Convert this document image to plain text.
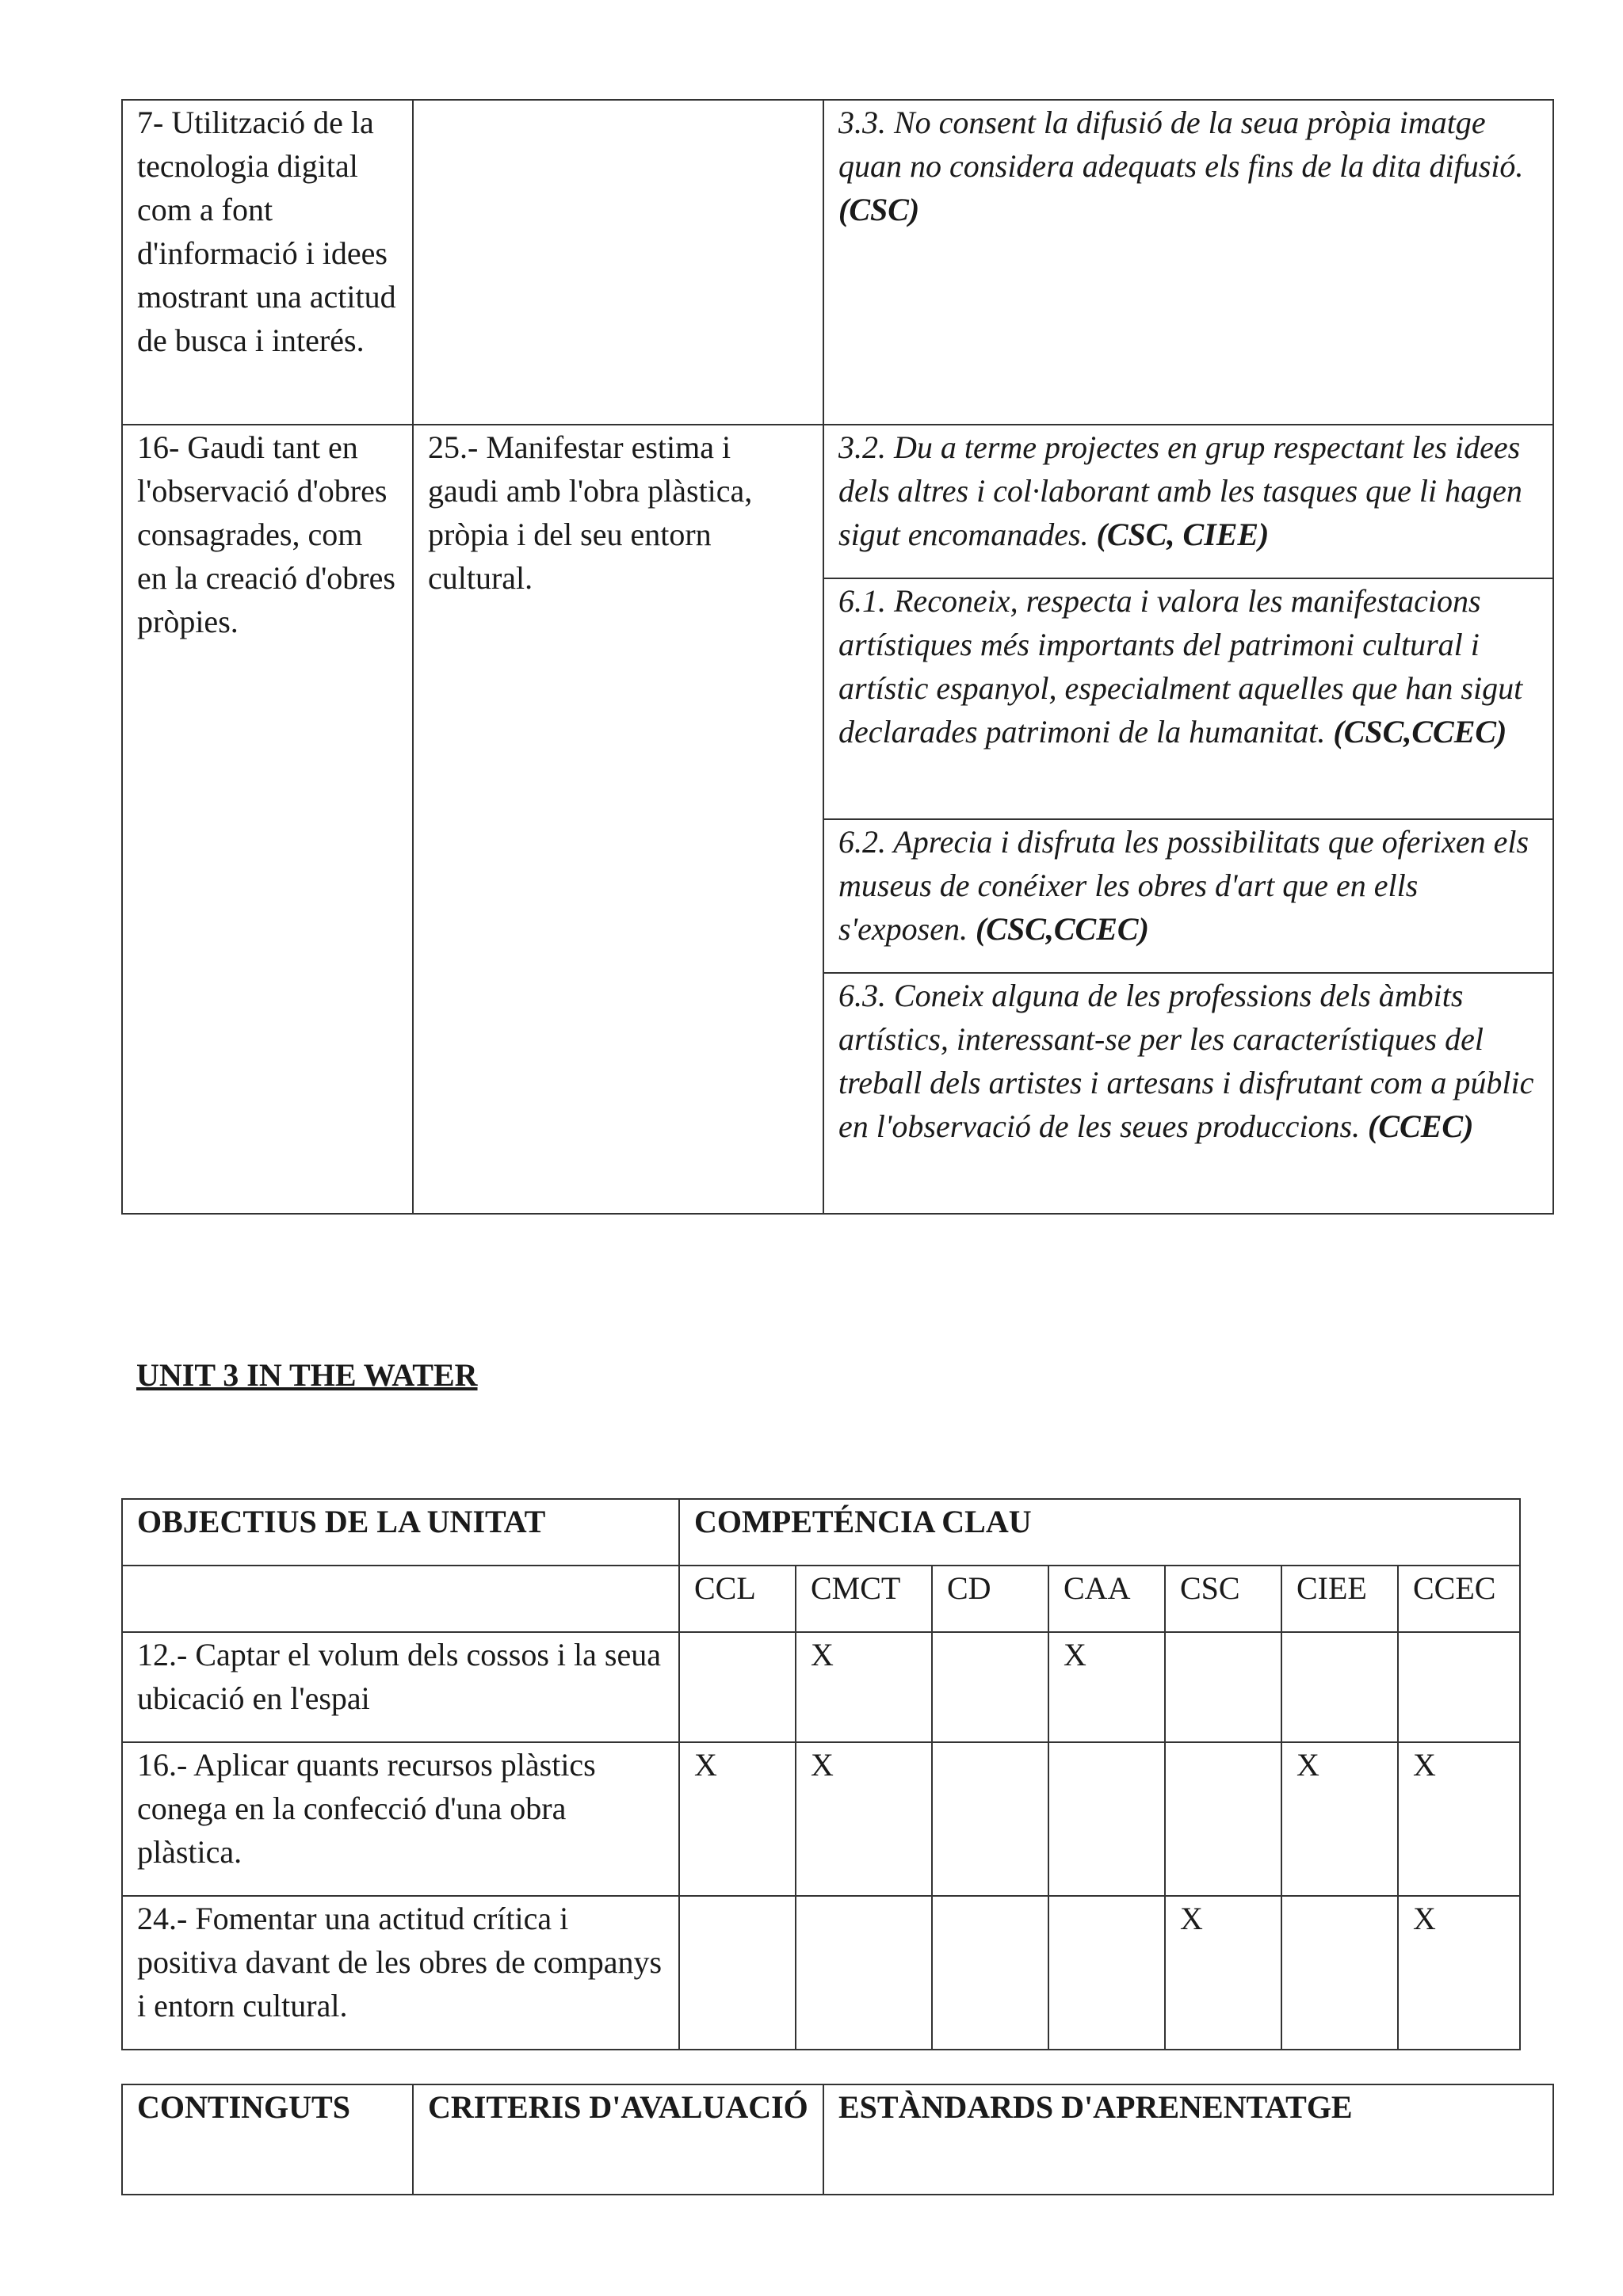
7- Utilització de la tecnologia digital com a font d'informació i idees mostrant una actitud de busca i interés.		3.3. No consent la difusió de la seua pròpia imatge quan no considera adequats els fins de la dita difusió. (CSC)
16- Gaudi tant en l'observació d'obres consagrades, com en la creació d'obres pròpies.	25.- Manifestar estima i gaudi amb l'obra plàstica, pròpia i del seu entorn cultural.	3.2. Du a terme projectes en grup respectant les idees dels altres i col·laborant amb les tasques que li hagen sigut encomanades. (CSC, CIEE)
		6.1. Reconeix, respecta i valora les manifestacions artístiques més importants del patrimoni cultural i artístic espanyol, especialment aquelles que han sigut declarades patrimoni de la humanitat. (CSC,CCEC)
		6.2. Aprecia i disfruta les possibilitats que oferixen els museus de conéixer les obres d'art que en ells s'exposen. (CSC,CCEC)
		6.3. Coneix alguna de les professions dels àmbits artístics, interessant-se per les característiques del treball dels artistes i artesans i disfrutant com a públic en l'observació de les seues produccions. (CCEC)

UNIT 3 IN THE WATER

OBJECTIUS DE LA UNITAT	COMPETÉNCIA CLAU						
	CCL	CMCT	CD	CAA	CSC	CIEE	CCEC
12.- Captar el volum dels cossos i la seua ubicació en l'espai		X		X			
16.- Aplicar quants recursos plàstics conega en la confecció d'una obra plàstica.	X	X				X	X
24.- Fomentar una actitud crítica i positiva davant de les obres de companys i entorn cultural.					X		X
CONTINGUTS	CRITERIS D'AVALUACIÓ	ESTÀNDARDS D'APRENENTATGE
